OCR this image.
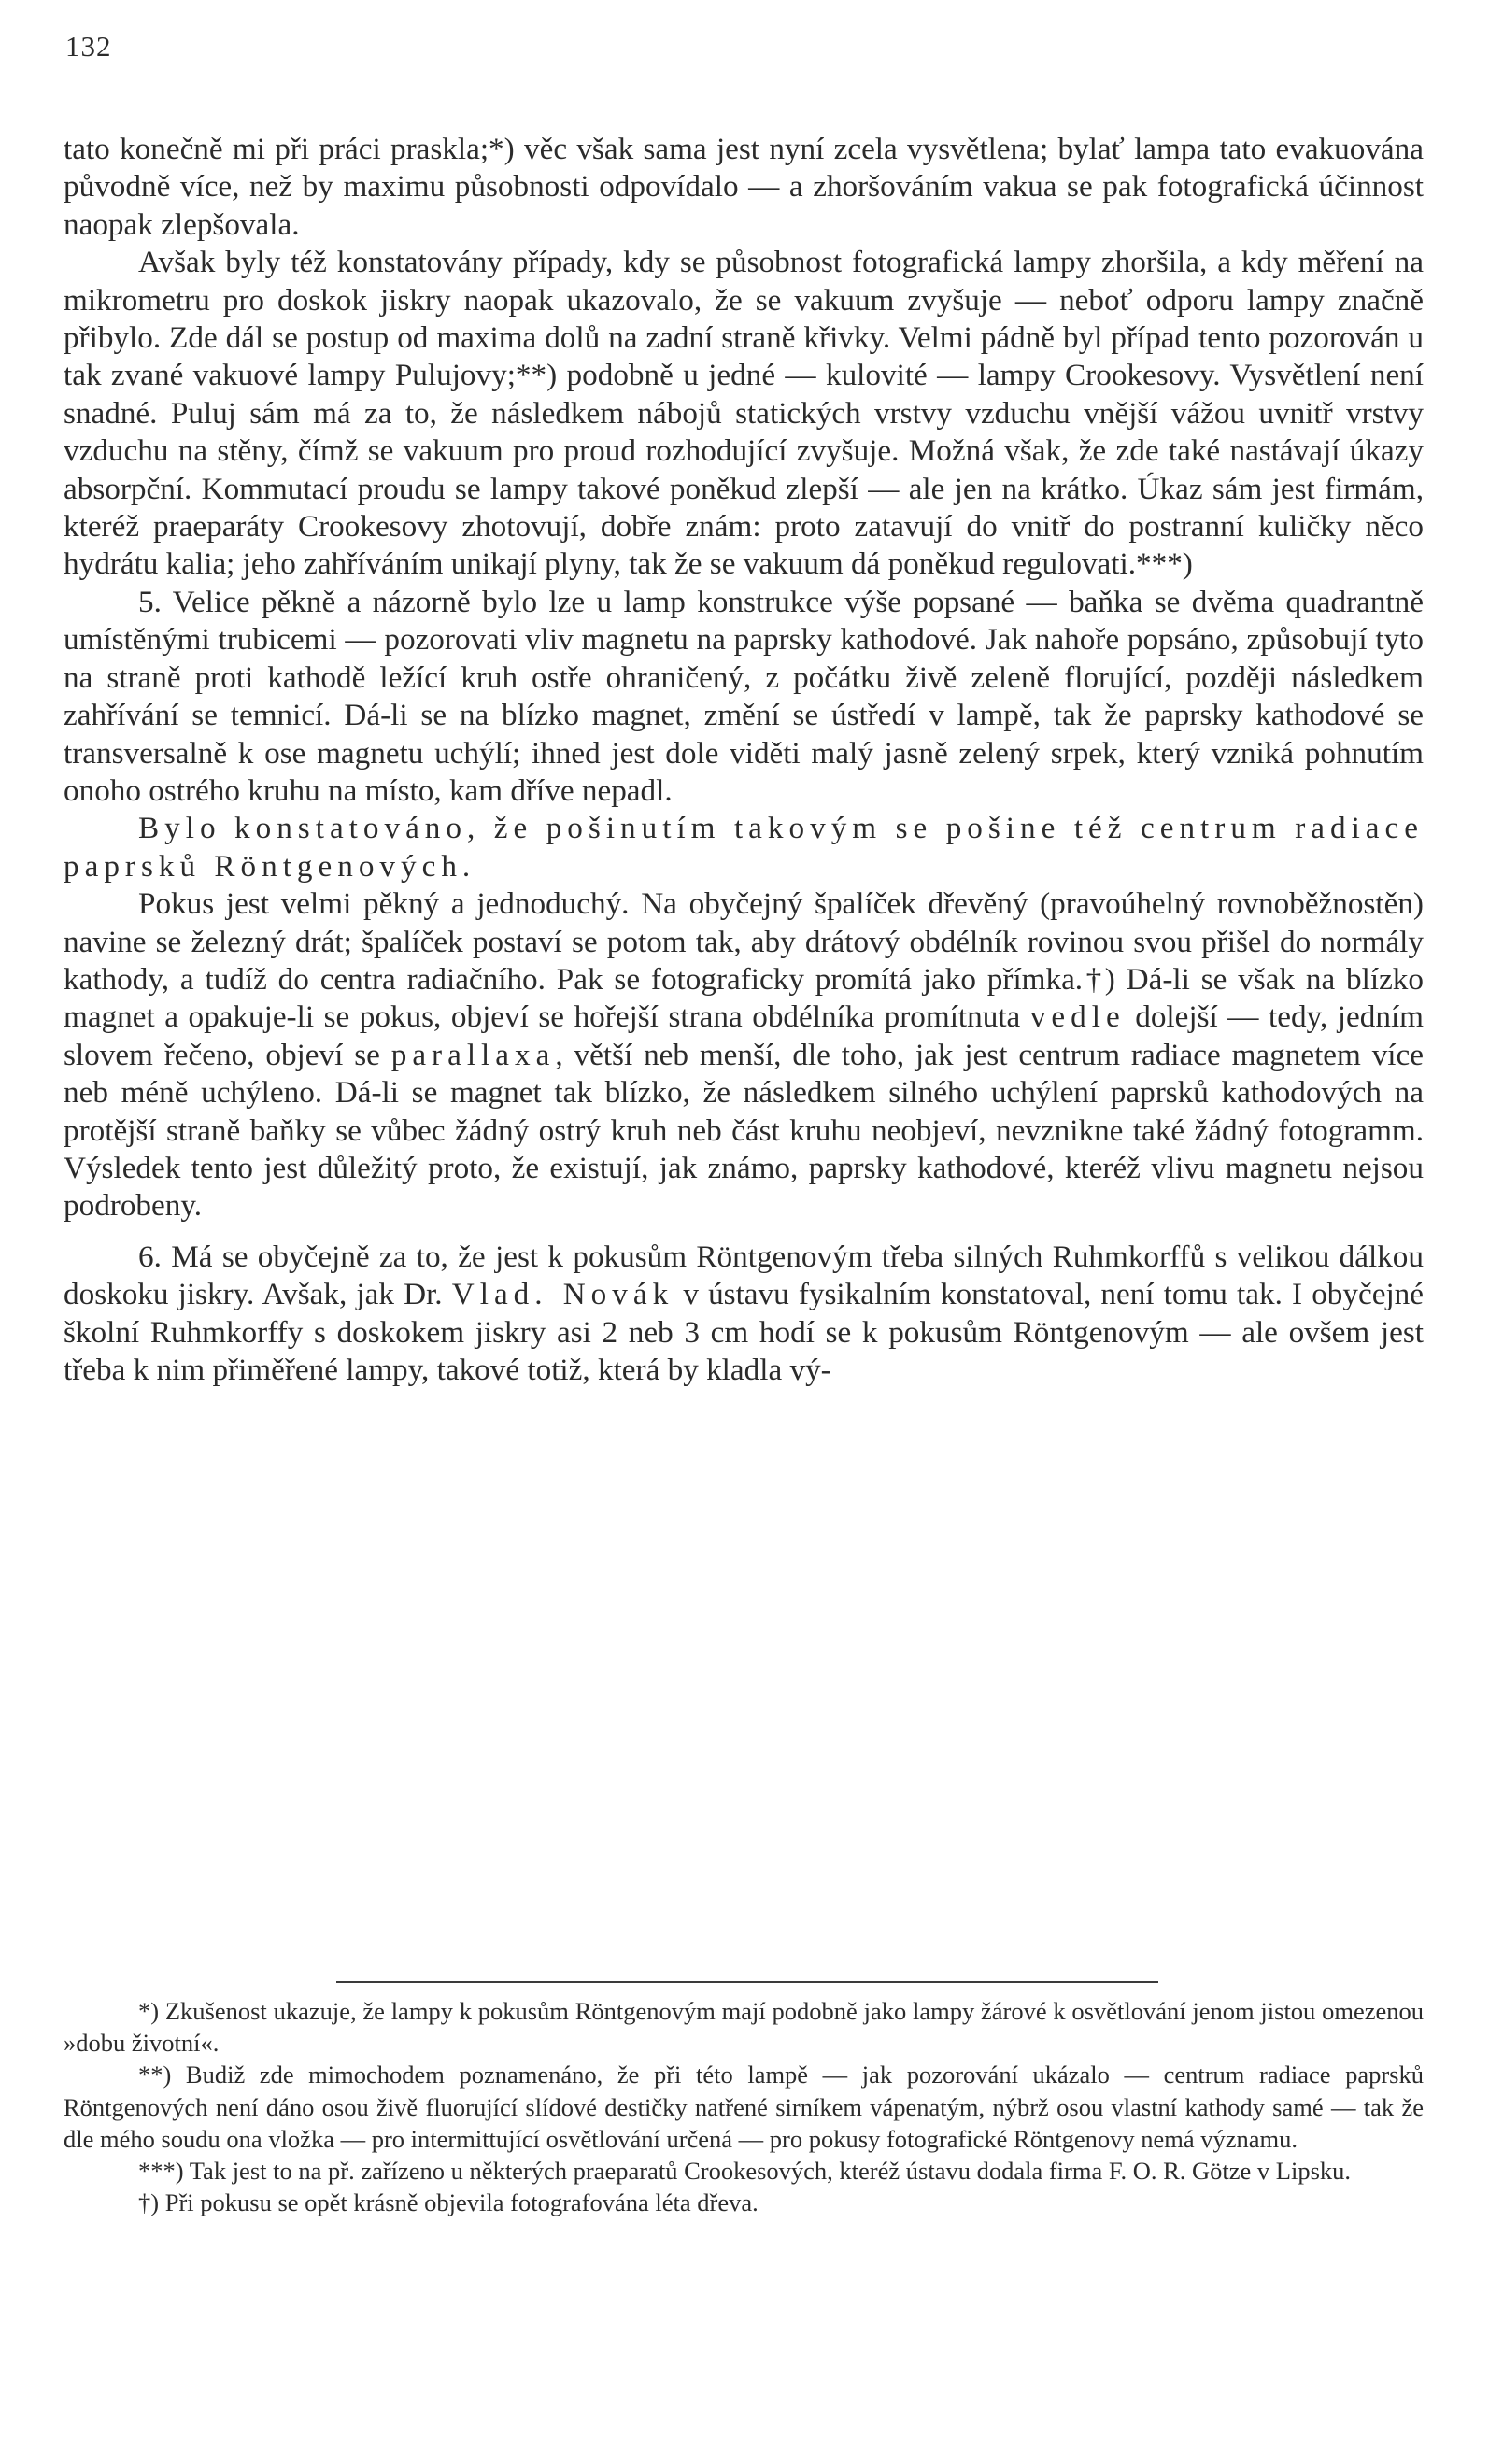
132

tato konečně mi při práci praskla;*) věc však sama jest nyní zcela vysvětlena; bylať lampa tato evakuována původně více, než by maximu působnosti odpovídalo — a zhoršováním vakua se pak fotografická účinnost naopak zlepšovala.

Avšak byly též konstatovány případy, kdy se působnost fotografická lampy zhoršila, a kdy měření na mikrometru pro doskok jiskry naopak ukazovalo, že se vakuum zvyšuje — neboť odporu lampy značně přibylo. Zde dál se postup od maxima dolů na zadní straně křivky. Velmi pádně byl případ tento pozorován u tak zvané vakuové lampy Pulujovy;**) podobně u jedné — kulovité — lampy Crookesovy. Vysvětlení není snadné. Puluj sám má za to, že následkem nábojů statických vrstvy vzduchu vnější vážou uvnitř vrstvy vzduchu na stěny, čímž se vakuum pro proud rozhodující zvyšuje. Možná však, že zde také nastávají úkazy absorpční. Kommutací proudu se lampy takové poněkud zlepší — ale jen na krátko. Úkaz sám jest firmám, kteréž praeparáty Crookesovy zhotovují, dobře znám: proto zatavují do vnitř do postranní kuličky něco hydrátu kalia; jeho zahříváním unikají plyny, tak že se vakuum dá poněkud regulovati.***)

5. Velice pěkně a názorně bylo lze u lamp konstrukce výše popsané — baňka se dvěma quadrantně umístěnými trubicemi — pozorovati vliv magnetu na paprsky kathodové. Jak nahoře popsáno, způsobují tyto na straně proti kathodě ležící kruh ostře ohraničený, z počátku živě zeleně florující, později následkem zahřívání se temnicí. Dá-li se na blízko magnet, změní se ústředí v lampě, tak že paprsky kathodové se transversalně k ose magnetu uchýlí; ihned jest dole viděti malý jasně zelený srpek, který vzniká pohnutím onoho ostrého kruhu na místo, kam dříve nepadl.

Bylo konstatováno, že pošinutím takovým se pošine též centrum radiace paprsků Röntgenových.

Pokus jest velmi pěkný a jednoduchý. Na obyčejný špalíček dřevěný (pravoúhelný rovnoběžnostěn) navine se železný drát; špalíček postaví se potom tak, aby drátový obdélník rovinou svou přišel do normály kathody, a tudíž do centra radiačního. Pak se fotograficky promítá jako přímka.†) Dá-li se však na blízko magnet a opakuje-li se pokus, objeví se hořejší strana obdélníka promítnuta vedle dolejší — tedy, jedním slovem řečeno, objeví se parallaxa, větší neb menší, dle toho, jak jest centrum radiace magnetem více neb méně uchýleno. Dá-li se magnet tak blízko, že následkem silného uchýlení paprsků kathodových na protější straně baňky se vůbec žádný ostrý kruh neb část kruhu neobjeví, nevznikne také žádný fotogramm. Výsledek tento jest důležitý proto, že existují, jak známo, paprsky kathodové, kteréž vlivu magnetu nejsou podrobeny.

6. Má se obyčejně za to, že jest k pokusům Röntgenovým třeba silných Ruhmkorffů s velikou dálkou doskoku jiskry. Avšak, jak Dr. Vlad. Novák v ústavu fysikalním konstatoval, není tomu tak. I obyčejné školní Ruhmkorffy s doskokem jiskry asi 2 neb 3 cm hodí se k pokusům Röntgenovým — ale ovšem jest třeba k nim přiměřené lampy, takové totiž, která by kladla vý-

*) Zkušenost ukazuje, že lampy k pokusům Röntgenovým mají podobně jako lampy žárové k osvětlování jenom jistou omezenou »dobu životní«.

**) Budiž zde mimochodem poznamenáno, že při této lampě — jak pozorování ukázalo — centrum radiace paprsků Röntgenových není dáno osou živě fluorující slídové destičky natřené sirníkem vápenatým, nýbrž osou vlastní kathody samé — tak že dle mého soudu ona vložka — pro intermittující osvětlování určená — pro pokusy fotografické Röntgenovy nemá významu.

***) Tak jest to na př. zařízeno u některých praeparatů Crookesových, kteréž ústavu dodala firma F. O. R. Götze v Lipsku.

†) Při pokusu se opět krásně objevila fotografována léta dřeva.
